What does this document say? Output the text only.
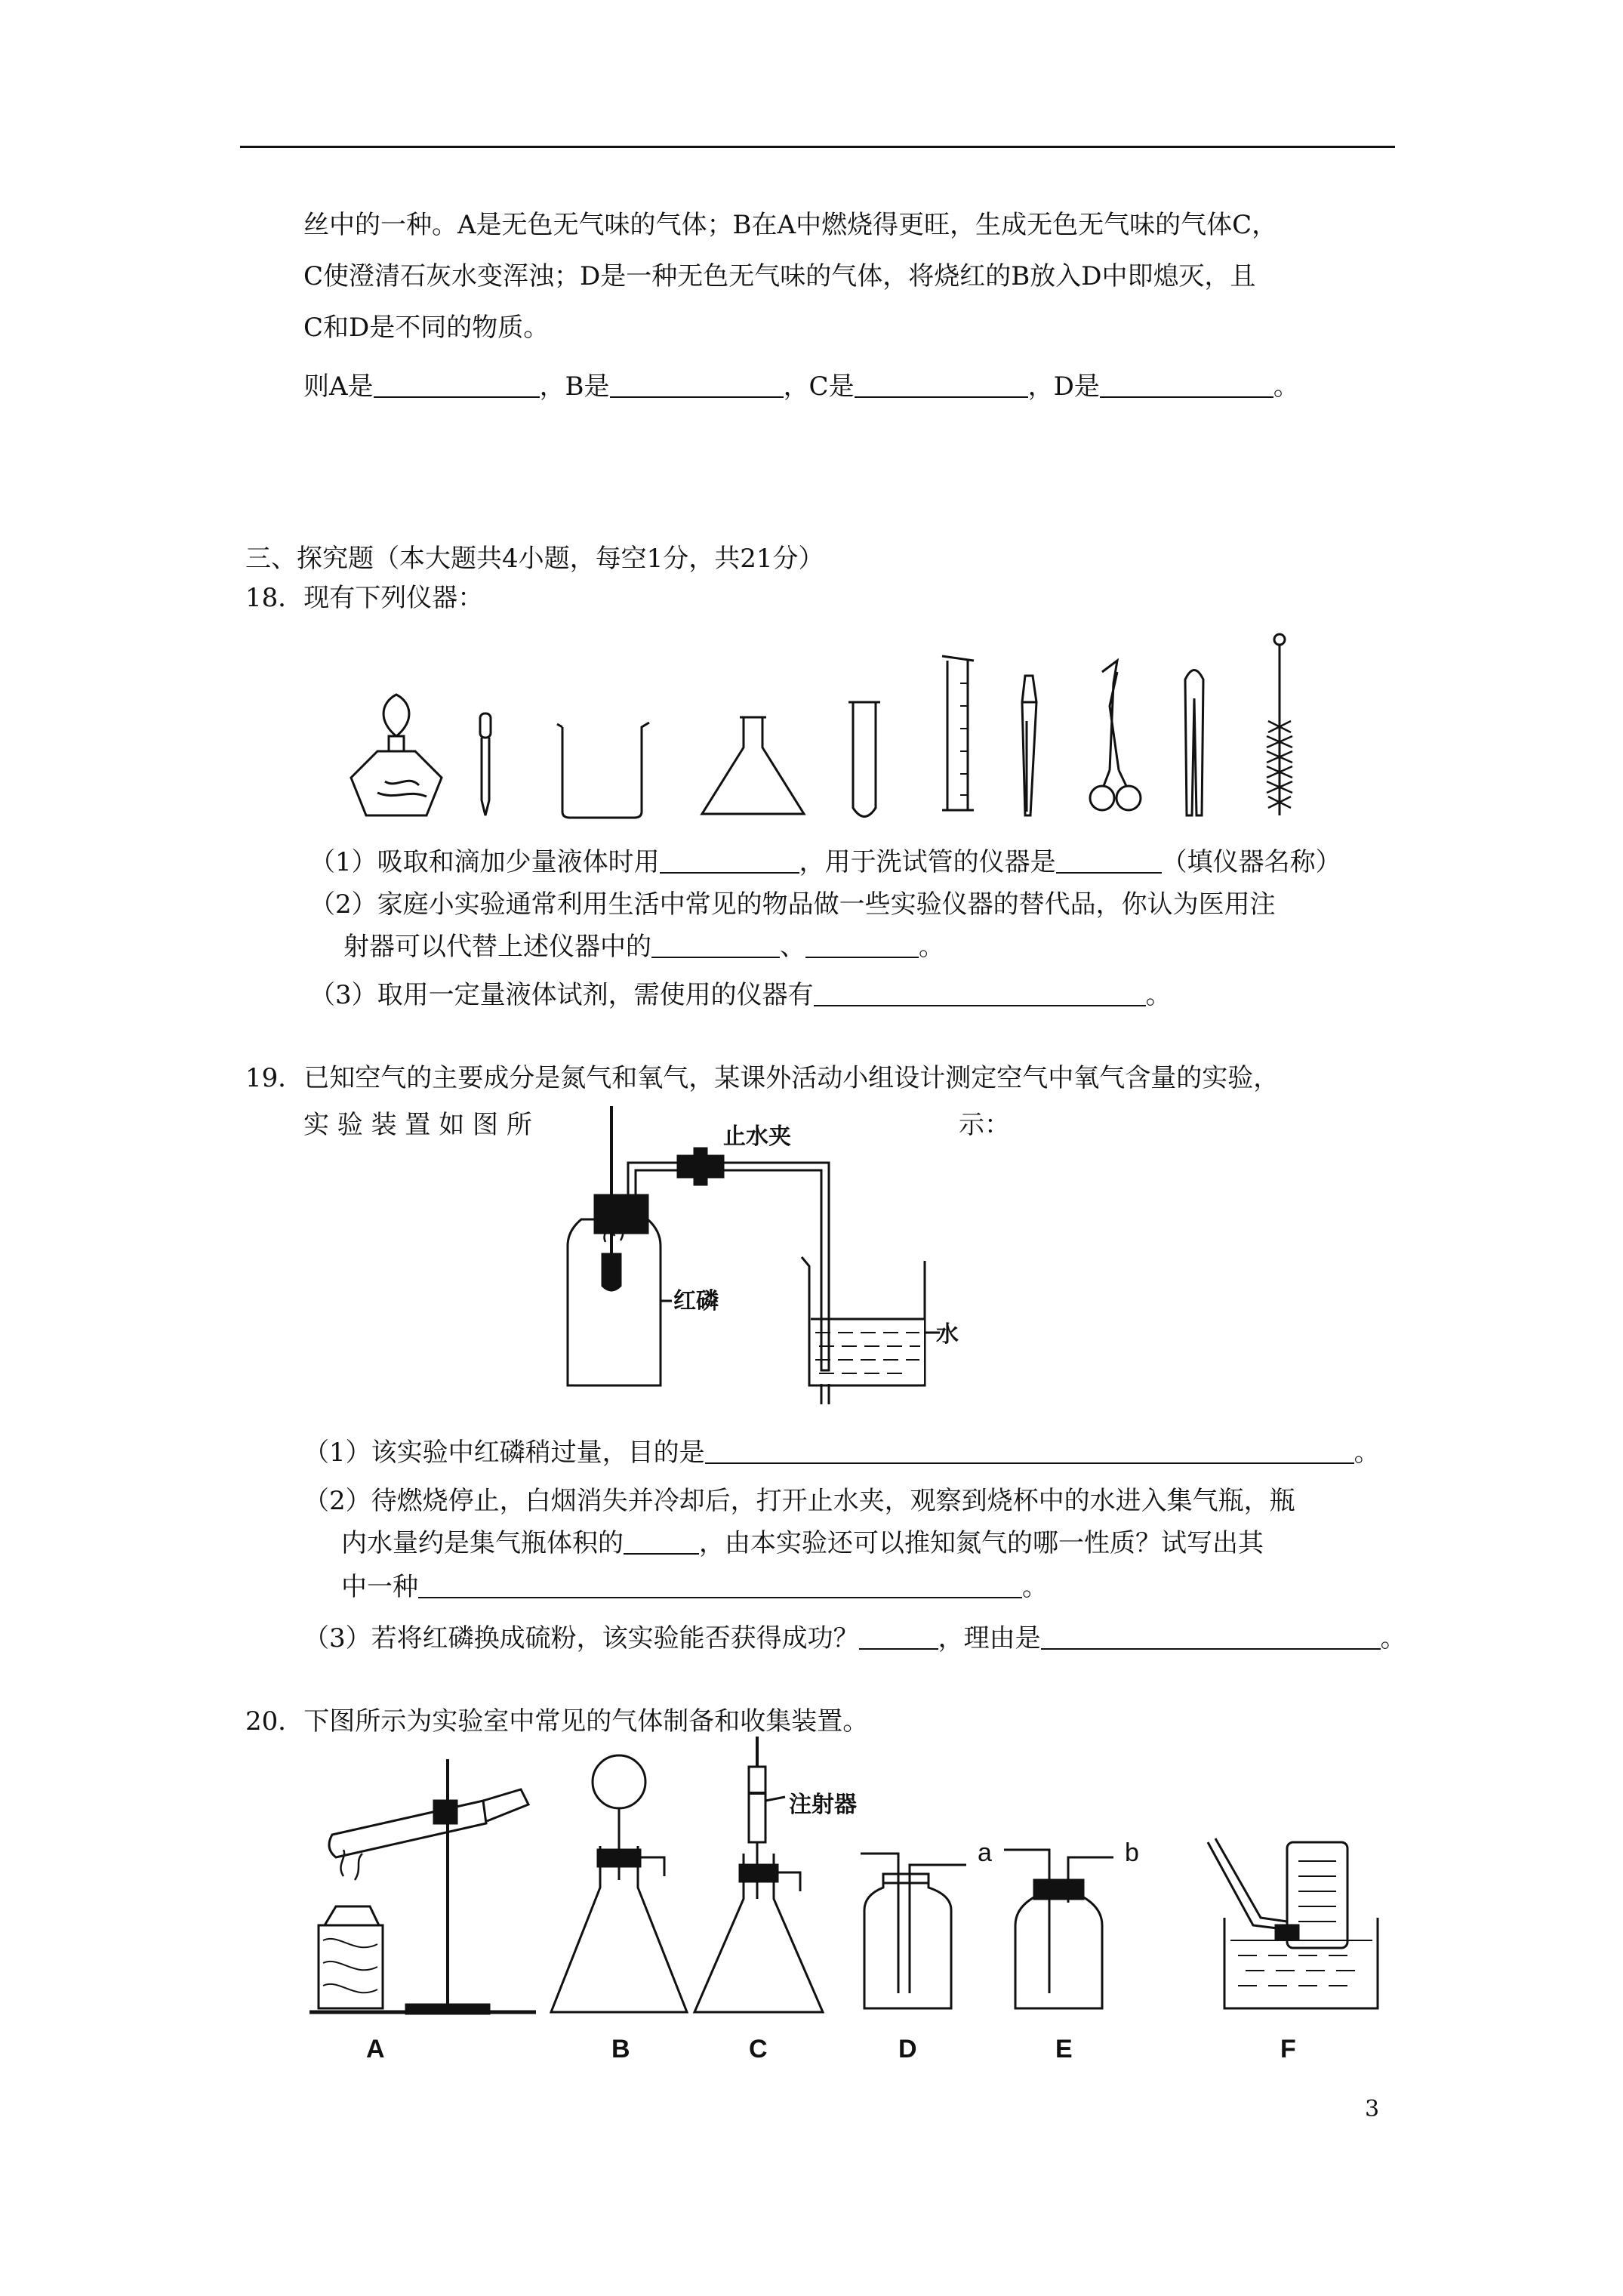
丝中的一种。A是无色无气味的气体；B在A中燃烧得更旺，生成无色无气味的气体C，
C使澄清石灰水变浑浊；D是一种无色无气味的气体，将烧红的B放入D中即熄灭，且
C和D是不同的物质。
则A是	，B是	，C是	，D是	。
三、探究题（本大题共4小题，每空1分，共21分）
18．现有下列仪器：
（1）吸取和滴加少量液体时用	，用于洗试管的仪器是	（填仪器名称）
（2）家庭小实验通常利用生活中常见的物品做一些实验仪器的替代品，你认为医用注
射器可以代替上述仪器中的	、	。
（3）取用一定量液体试剂，需使用的仪器有	。
19．已知空气的主要成分是氮气和氧气，某课外活动小组设计测定空气中氧气含量的实验，
实 验 装 置 如 图 所	示：
止水夹
红磷
水
（1）该实验中红磷稍过量，目的是	。
（2）待燃烧停止，白烟消失并冷却后，打开止水夹，观察到烧杯中的水进入集气瓶，瓶
内水量约是集气瓶体积的	，由本实验还可以推知氮气的哪一性质？试写出其
中一种	。
（3）若将红磷换成硫粉，该实验能否获得成功？	，理由是	。
20．下图所示为实验室中常见的气体制备和收集装置。
注射器
a	b
A	B	C	D	E	F
3
